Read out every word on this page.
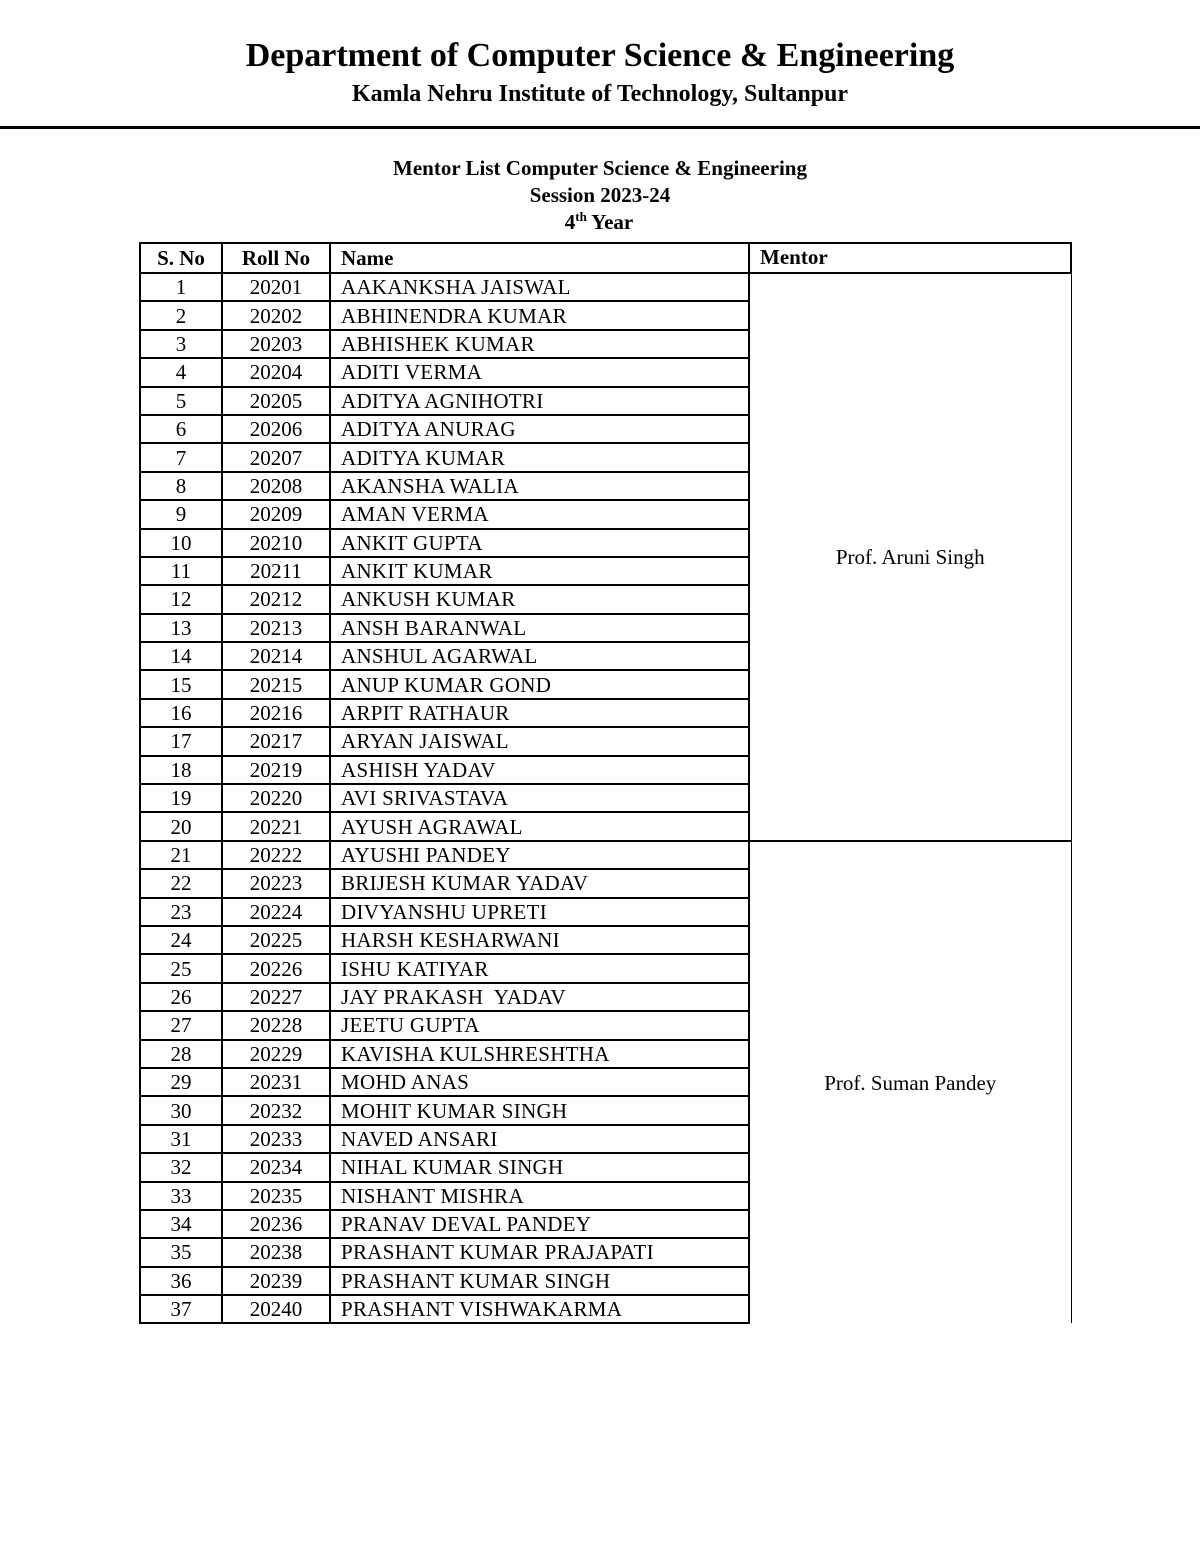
Department of Computer Science & Engineering
Kamla Nehru Institute of Technology, Sultanpur
Mentor List Computer Science & Engineering
Session 2023-24
4th Year
S. No	Roll No	Name	Mentor
1	20201	AAKANKSHA JAISWAL	Prof. Aruni Singh
2	20202	ABHINENDRA KUMAR	
3	20203	ABHISHEK KUMAR	
4	20204	ADITI VERMA	
5	20205	ADITYA AGNIHOTRI	
6	20206	ADITYA ANURAG	
7	20207	ADITYA KUMAR	
8	20208	AKANSHA WALIA	
9	20209	AMAN VERMA	
10	20210	ANKIT GUPTA	
11	20211	ANKIT KUMAR	
12	20212	ANKUSH KUMAR	
13	20213	ANSH BARANWAL	
14	20214	ANSHUL AGARWAL	
15	20215	ANUP KUMAR GOND	
16	20216	ARPIT RATHAUR	
17	20217	ARYAN JAISWAL	
18	20219	ASHISH YADAV	
19	20220	AVI SRIVASTAVA	
20	20221	AYUSH AGRAWAL	
21	20222	AYUSHI PANDEY	Prof. Suman Pandey
22	20223	BRIJESH KUMAR YADAV	
23	20224	DIVYANSHU UPRETI	
24	20225	HARSH KESHARWANI	
25	20226	ISHU KATIYAR	
26	20227	JAY PRAKASH  YADAV	
27	20228	JEETU GUPTA	
28	20229	KAVISHA KULSHRESHTHA	
29	20231	MOHD ANAS	
30	20232	MOHIT KUMAR SINGH	
31	20233	NAVED ANSARI	
32	20234	NIHAL KUMAR SINGH	
33	20235	NISHANT MISHRA	
34	20236	PRANAV DEVAL PANDEY	
35	20238	PRASHANT KUMAR PRAJAPATI	
36	20239	PRASHANT KUMAR SINGH	
37	20240	PRASHANT VISHWAKARMA	
